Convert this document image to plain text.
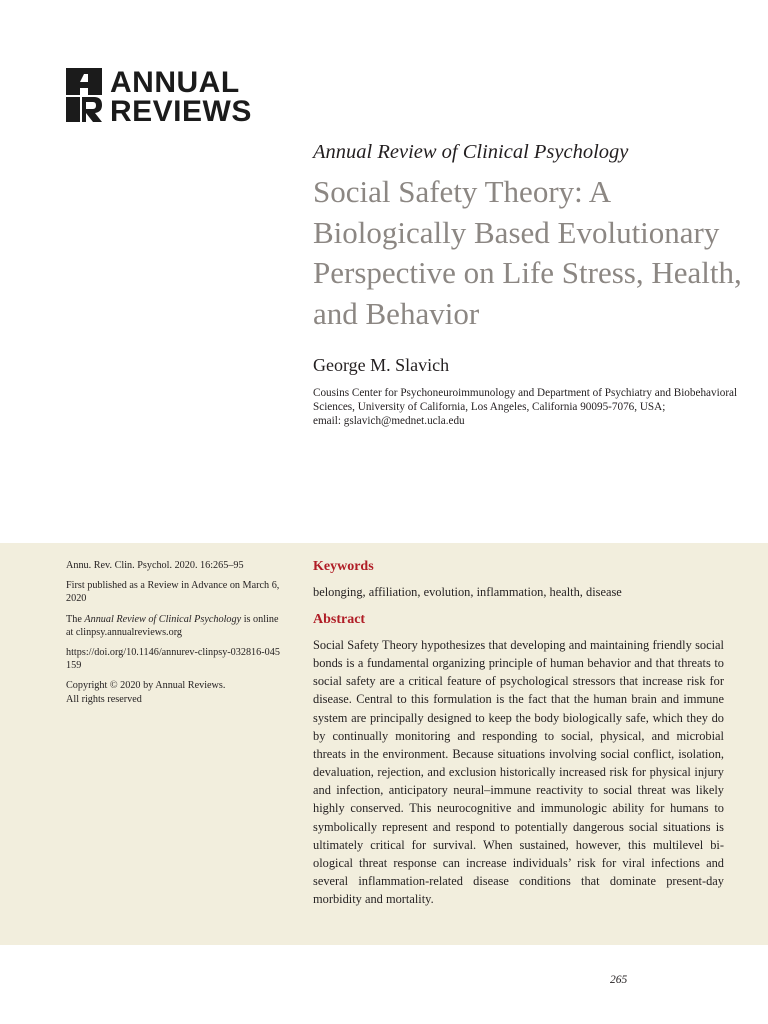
ANNUAL
REVIEWS
Annual Review of Clinical Psychology
Social Safety Theory: A Biologically Based Evolutionary Perspective on Life Stress, Health, and Behavior
George M. Slavich
Cousins Center for Psychoneuroimmunology and Department of Psychiatry and Biobehavioral
Sciences, University of California, Los Angeles, California 90095-7076, USA;
email: gslavich@mednet.ucla.edu

Annu. Rev. Clin. Psychol. 2020. 16:265–95

First published as a Review in Advance on March 6, 2020

The Annual Review of Clinical Psychology is online at clinpsy.annualreviews.org

https://doi.org/10.1146/annurev-clinpsy-032816-045159

Copyright © 2020 by Annual Reviews.
All rights reserved

Keywords

belonging, affiliation, evolution, inflammation, health, disease

Abstract

Social Safety Theory hypothesizes that developing and maintaining friendly social bonds is a fundamental organizing principle of human behavior and that threats to social safety are a critical feature of psychological stressors that increase risk for disease. Central to this formulation is the fact that the human brain and immune system are principally designed to keep the body biologically safe, which they do by continually monitoring and responding to social, physical, and microbial threats in the environment. Because situations involving social conflict, isolation, devaluation, rejection, and exclusion historically increased risk for physical injury and infection, anticipatory neural–immune reactivity to social threat was likely highly conserved. This neurocognitive and immunologic ability for humans to symbolically represent and respond to potentially dangerous social situations is ultimately critical for survival. When sustained, however, this multilevel biological threat response can increase individuals’ risk for viral infections and several inflammation-related disease conditions that dominate present-day morbidity and mortality.

265
